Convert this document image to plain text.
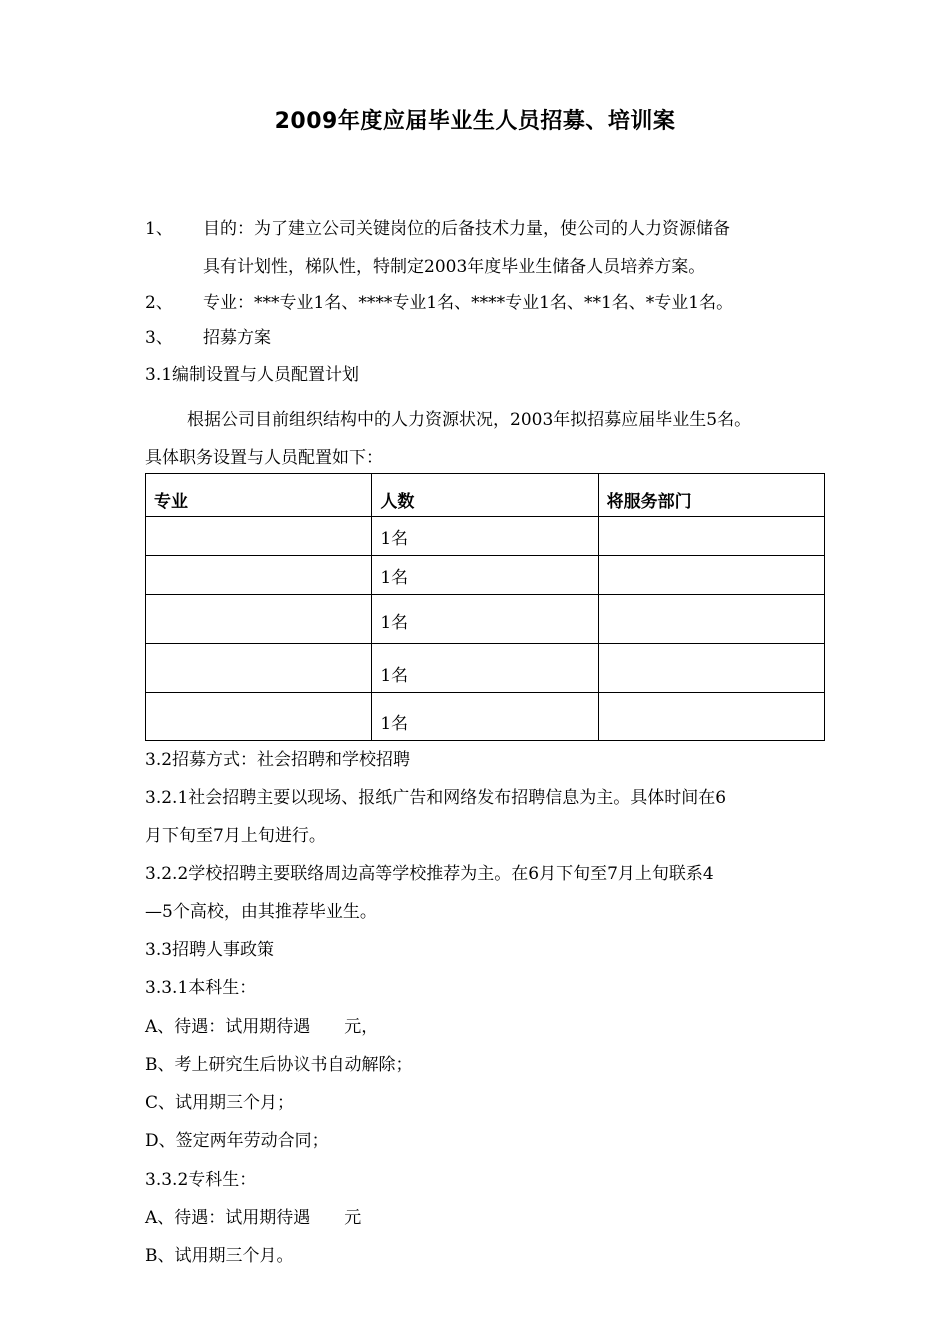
2009年度应届毕业生人员招募、培训案
1、 目的：为了建立公司关键岗位的后备技术力量，使公司的人力资源储备
具有计划性，梯队性，特制定2003年度毕业生储备人员培养方案。
2、 专业：***专业1名、****专业1名、****专业1名、**1名、*专业1名。
3、 招募方案
3.1编制设置与人员配置计划
根据公司目前组织结构中的人力资源状况，2003年拟招募应届毕业生5名。
具体职务设置与人员配置如下：
专业	人数	将服务部门
	1名	
	1名	
	1名	
	1名	
	1名	
3.2招募方式：社会招聘和学校招聘
3.2.1社会招聘主要以现场、报纸广告和网络发布招聘信息为主。具体时间在6
月下旬至7月上旬进行。
3.2.2学校招聘主要联络周边高等学校推荐为主。在6月下旬至7月上旬联系4
—5个高校，由其推荐毕业生。
3.3招聘人事政策
3.3.1本科生：
A、待遇：试用期待遇　　元，
B、考上研究生后协议书自动解除；
C、试用期三个月；
D、签定两年劳动合同；
3.3.2专科生：
A、待遇：试用期待遇　　元
B、试用期三个月。
